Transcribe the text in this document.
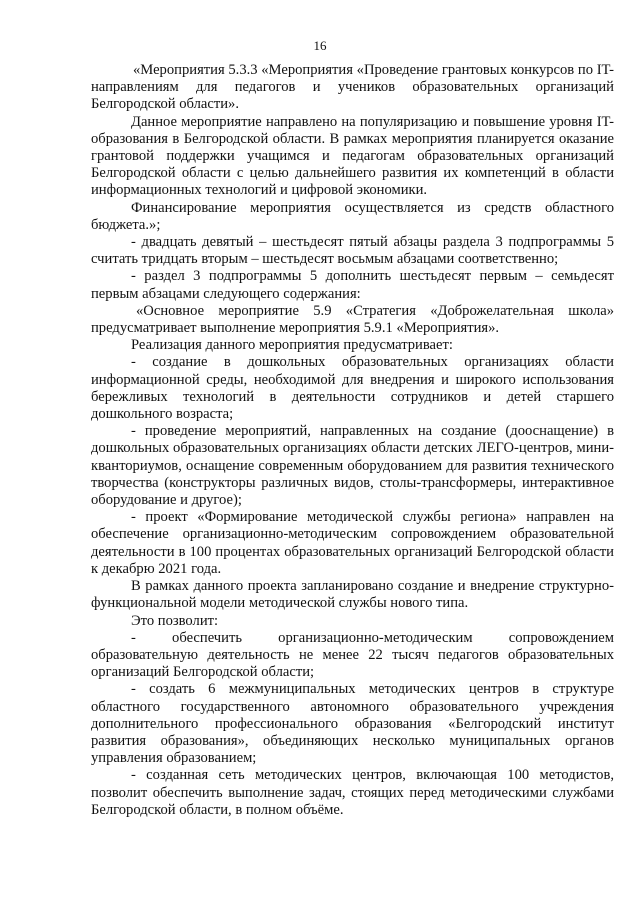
16

«Мероприятия 5.3.3 «Мероприятия «Проведение грантовых конкурсов по IT-направлениям для педагогов и учеников образовательных организаций Белгородской области».

Данное мероприятие направлено на популяризацию и повышение уровня IT-образования в Белгородской области. В рамках мероприятия планируется оказание грантовой поддержки учащимся и педагогам образовательных организаций Белгородской области с целью дальнейшего развития их компетенций в области информационных технологий и цифровой экономики.

Финансирование мероприятия осуществляется из средств областного бюджета.»;

- двадцать девятый – шестьдесят пятый абзацы раздела 3 подпрограммы 5 считать тридцать вторым – шестьдесят восьмым абзацами соответственно;

- раздел 3 подпрограммы 5 дополнить шестьдесят первым – семьдесят первым абзацами следующего содержания:

«Основное мероприятие 5.9 «Стратегия «Доброжелательная школа» предусматривает выполнение мероприятия 5.9.1 «Мероприятия».

Реализация данного мероприятия предусматривает:

- создание в дошкольных образовательных организациях области информационной среды, необходимой для внедрения и широкого использования бережливых технологий в деятельности сотрудников и детей старшего дошкольного возраста;

- проведение мероприятий, направленных на создание (дооснащение) в дошкольных образовательных организациях области детских ЛЕГО-центров, мини-кванториумов, оснащение современным оборудованием для развития технического творчества (конструкторы различных видов, столы-трансформеры, интерактивное оборудование и другое);

- проект «Формирование методической службы региона» направлен на обеспечение организационно-методическим сопровождением образовательной деятельности в 100 процентах образовательных организаций Белгородской области к декабрю 2021 года.

В рамках данного проекта запланировано создание и внедрение структурно-функциональной модели методической службы нового типа.

Это позволит:

- обеспечить организационно-методическим сопровождением образовательную деятельность не менее 22 тысяч педагогов образовательных организаций Белгородской области;

- создать 6 межмуниципальных методических центров в структуре областного государственного автономного образовательного учреждения дополнительного профессионального образования «Белгородский институт развития образования», объединяющих несколько муниципальных органов управления образованием;

- созданная сеть методических центров, включающая 100 методистов, позволит обеспечить выполнение задач, стоящих перед методическими службами Белгородской области, в полном объёме.
